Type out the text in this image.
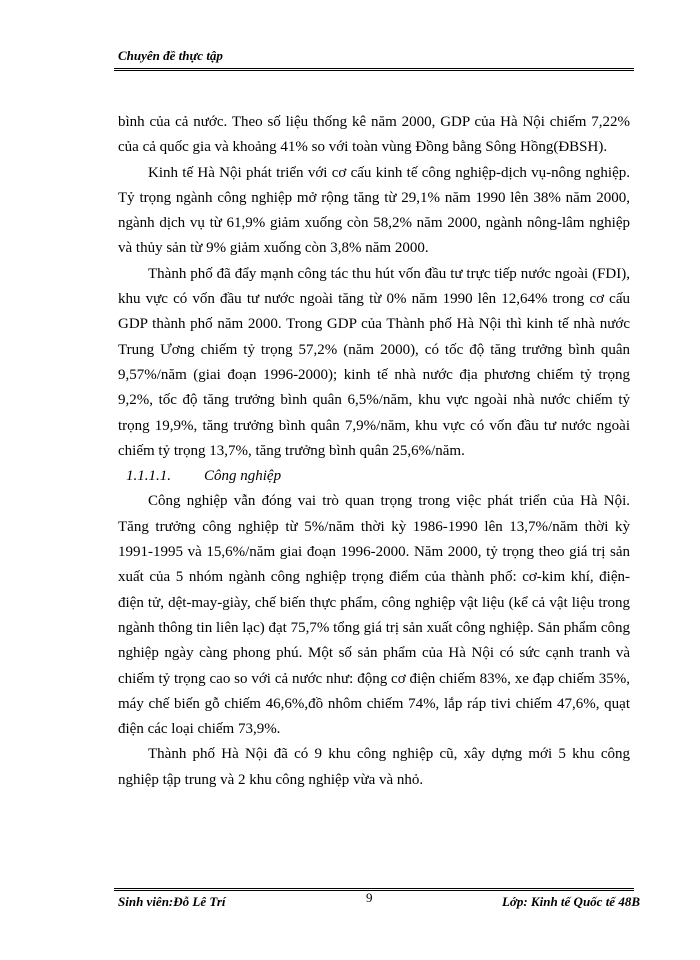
Chuyên đề thực tập

bình của cả nước. Theo số liệu thống kê năm 2000, GDP của Hà Nội chiếm 7,22% của cả quốc gia và khoảng 41% so với toàn vùng Đồng bằng Sông Hồng(ĐBSH).

Kinh tế Hà Nội phát triển với cơ cấu kinh tế công nghiệp-dịch vụ-nông nghiệp. Tỷ trọng ngành công nghiệp mở rộng tăng từ 29,1% năm 1990 lên 38% năm 2000, ngành dịch vụ từ 61,9% giảm xuống còn 58,2% năm 2000, ngành nông-lâm nghiệp và thủy sản từ 9% giảm xuống còn 3,8% năm 2000.

Thành phố đã đẩy mạnh công tác thu hút vốn đầu tư trực tiếp nước ngoài (FDI), khu vực có vốn đầu tư nước ngoài tăng từ 0% năm 1990 lên 12,64% trong cơ cấu GDP thành phố năm 2000. Trong GDP của Thành phố Hà Nội thì kinh tế nhà nước Trung Ương chiếm tỷ trọng 57,2% (năm 2000), có tốc độ tăng trưởng bình quân 9,57%/năm (giai đoạn 1996-2000); kinh tế nhà nước địa phương chiếm tỷ trọng 9,2%, tốc độ tăng trưởng bình quân 6,5%/năm, khu vực ngoài nhà nước chiếm tỷ trọng 19,9%, tăng trưởng bình quân 7,9%/năm, khu vực có vốn đầu tư nước ngoài chiếm tỷ trọng 13,7%, tăng trưởng bình quân 25,6%/năm.

1.1.1.1. Công nghiệp

Công nghiệp vẫn đóng vai trò quan trọng trong việc phát triển của Hà Nội. Tăng trưởng công nghiệp từ 5%/năm thời kỳ 1986-1990 lên 13,7%/năm thời kỳ 1991-1995 và 15,6%/năm giai đoạn 1996-2000. Năm 2000, tỷ trọng theo giá trị sản xuất của 5 nhóm ngành công nghiệp trọng điểm của thành phố: cơ-kim khí, điện-điện tử, dệt-may-giày, chế biến thực phẩm, công nghiệp vật liệu (kể cả vật liệu trong ngành thông tin liên lạc) đạt 75,7% tổng giá trị sản xuất công nghiệp. Sản phẩm công nghiệp ngày càng phong phú. Một số sản phẩm của Hà Nội có sức cạnh tranh và chiếm tỷ trọng cao so với cả nước như: động cơ điện chiếm 83%, xe đạp chiếm 35%, máy chế biến gỗ chiếm 46,6%,đồ nhôm chiếm 74%, lắp ráp tivi chiếm 47,6%, quạt điện các loại chiếm 73,9%.

Thành phố Hà Nội đã có 9 khu công nghiệp cũ, xây dựng mới 5 khu công nghiệp tập trung và 2 khu công nghiệp vừa và nhỏ.

Sinh viên:Đỗ Lê Trí	9	Lớp: Kinh tế Quốc tế 48B
